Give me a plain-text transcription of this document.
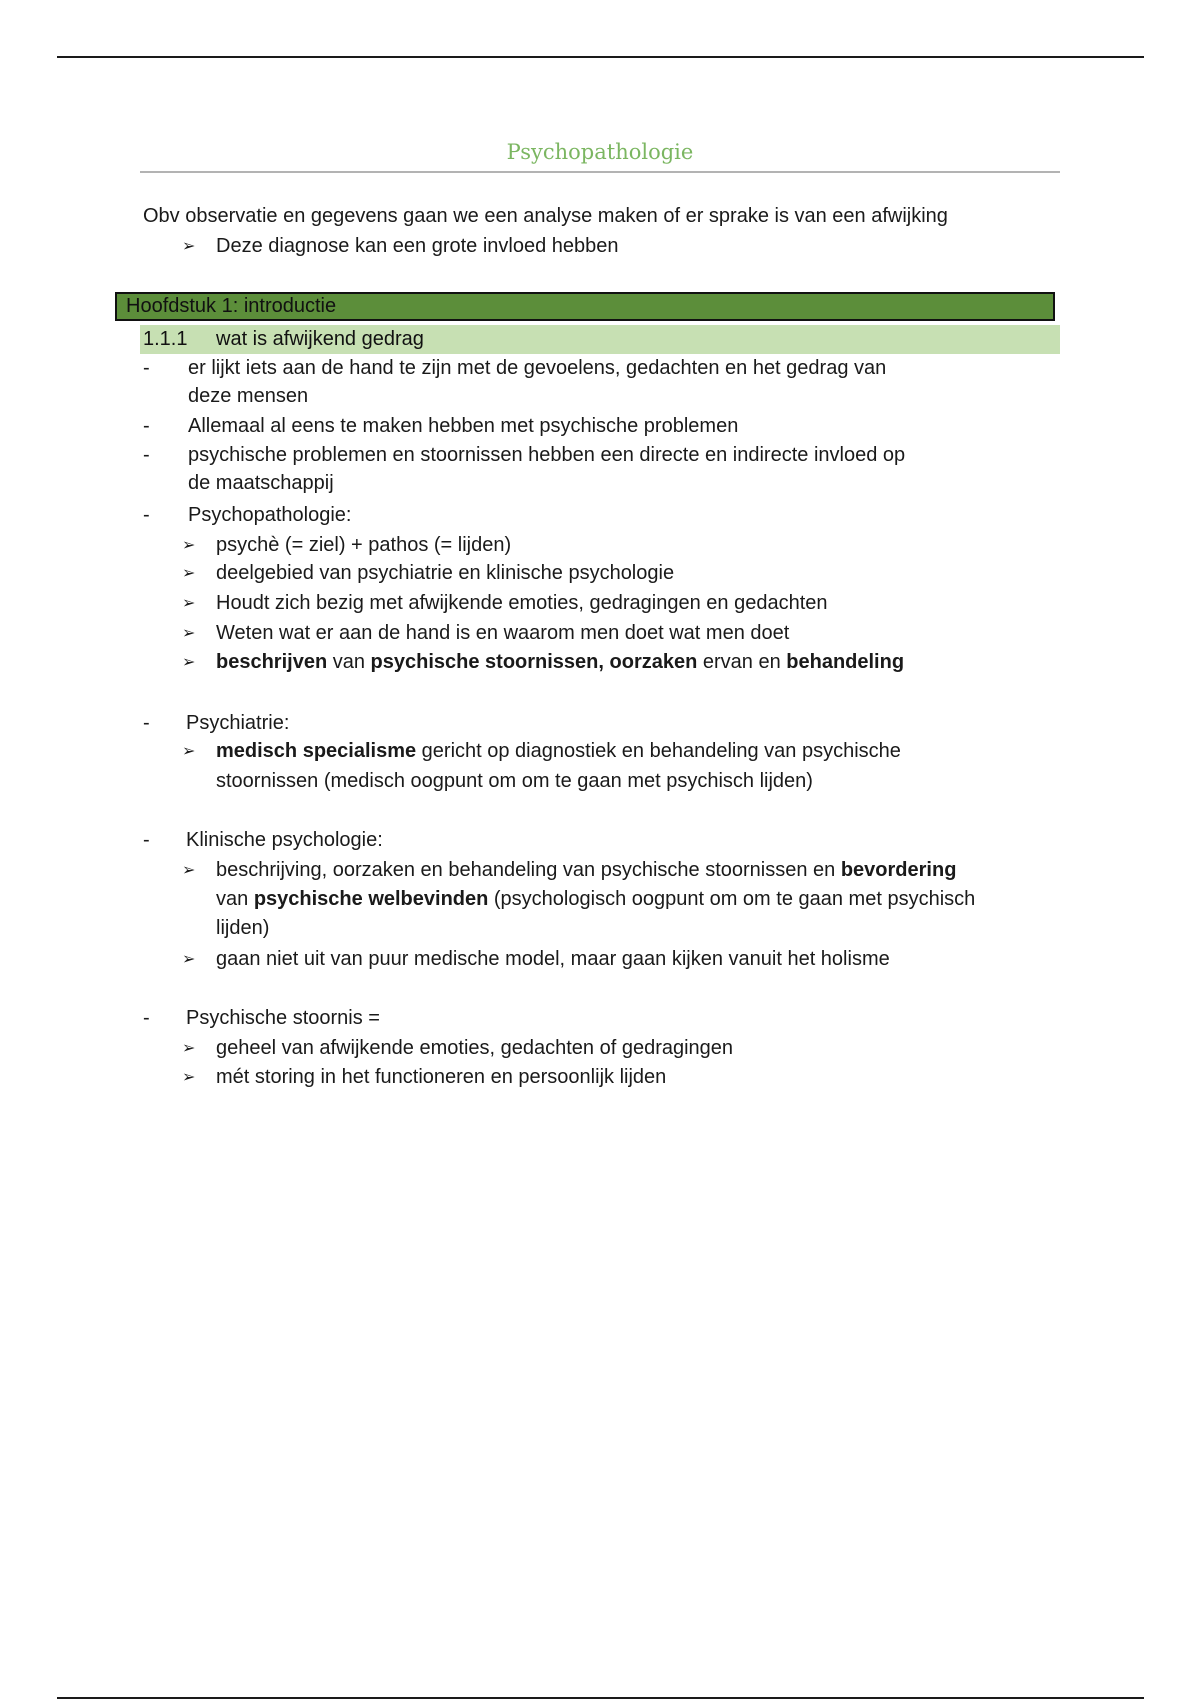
Psychopathologie
Obv observatie en gegevens gaan we een analyse maken of er sprake is van een afwijking
➢ Deze diagnose kan een grote invloed hebben
Hoofdstuk 1: introductie
1.1.1 wat is afwijkend gedrag
- er lijkt iets aan de hand te zijn met de gevoelens, gedachten en het gedrag van
deze mensen
- Allemaal al eens te maken hebben met psychische problemen
- psychische problemen en stoornissen hebben een directe en indirecte invloed op
de maatschappij
- Psychopathologie:
➢ psychè (= ziel) + pathos (= lijden)
➢ deelgebied van psychiatrie en klinische psychologie
➢ Houdt zich bezig met afwijkende emoties, gedragingen en gedachten
➢ Weten wat er aan de hand is en waarom men doet wat men doet
➢ beschrijven van psychische stoornissen, oorzaken ervan en behandeling
- Psychiatrie:
➢ medisch specialisme gericht op diagnostiek en behandeling van psychische
stoornissen (medisch oogpunt om om te gaan met psychisch lijden)
- Klinische psychologie:
➢ beschrijving, oorzaken en behandeling van psychische stoornissen en bevordering
van psychische welbevinden (psychologisch oogpunt om om te gaan met psychisch
lijden)
➢ gaan niet uit van puur medische model, maar gaan kijken vanuit het holisme
- Psychische stoornis =
➢ geheel van afwijkende emoties, gedachten of gedragingen
➢ mét storing in het functioneren en persoonlijk lijden
